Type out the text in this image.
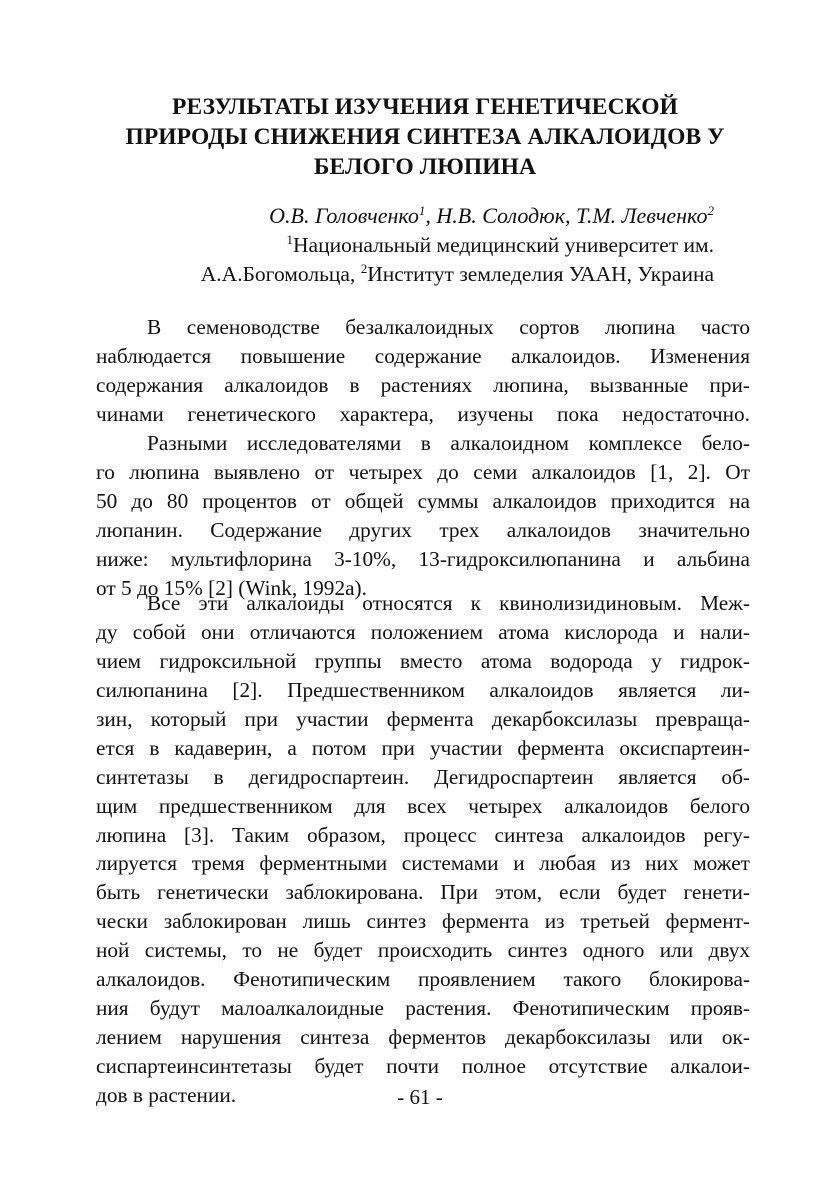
РЕЗУЛЬТАТЫ ИЗУЧЕНИЯ ГЕНЕТИЧЕСКОЙ
ПРИРОДЫ СНИЖЕНИЯ СИНТЕЗА АЛКАЛОИДОВ У
БЕЛОГО ЛЮПИНА
О.В. Головченко$^1$, Н.В. Солодюк, Т.М. Левченко$^2$
$^1$Национальный медицинский университет им.
А.А.Богомольца, $^2$Институт земледелия УААН, Украина
В семеноводстве безалкалоидных сортов люпина часто
наблюдается повышение содержание алкалоидов. Изменения
содержания алкалоидов в растениях люпина, вызванные при-
чинами генетического характера, изучены пока недостаточно.
Разными исследователями в алкалоидном комплексе бело-
го люпина выявлено от четырех до семи алкалоидов [1, 2]. От
50 до 80 процентов от общей суммы алкалоидов приходится на
люпанин. Содержание других трех алкалоидов значительно
ниже: мультифлорина 3-10%, 13-гидроксилюпанина и альбина
от 5 до 15% [2] (Wink, 1992a).
Все эти алкалоиды относятся к квинолизидиновым. Меж-
ду собой они отличаются положением атома кислорода и нали-
чием гидроксильной группы вместо атома водорода у гидрок-
силюпанина [2]. Предшественником алкалоидов является ли-
зин, который при участии фермента декарбоксилазы превраща-
ется в кадаверин, а потом при участии фермента оксиспартеин-
синтетазы в дегидроспартеин. Дегидроспартеин является об-
щим предшественником для всех четырех алкалоидов белого
люпина [3]. Таким образом, процесс синтеза алкалоидов регу-
лируется тремя ферментными системами и любая из них может
быть генетически заблокирована. При этом, если будет генети-
чески заблокирован лишь синтез фермента из третьей фермент-
ной системы, то не будет происходить синтез одного или двух
алкалоидов. Фенотипическим проявлением такого блокирова-
ния будут малоалкалоидные растения. Фенотипическим прояв-
лением нарушения синтеза ферментов декарбоксилазы или ок-
сиспартеинсинтетазы будет почти полное отсутствие алкалои-
дов в растении.	- 61 -
